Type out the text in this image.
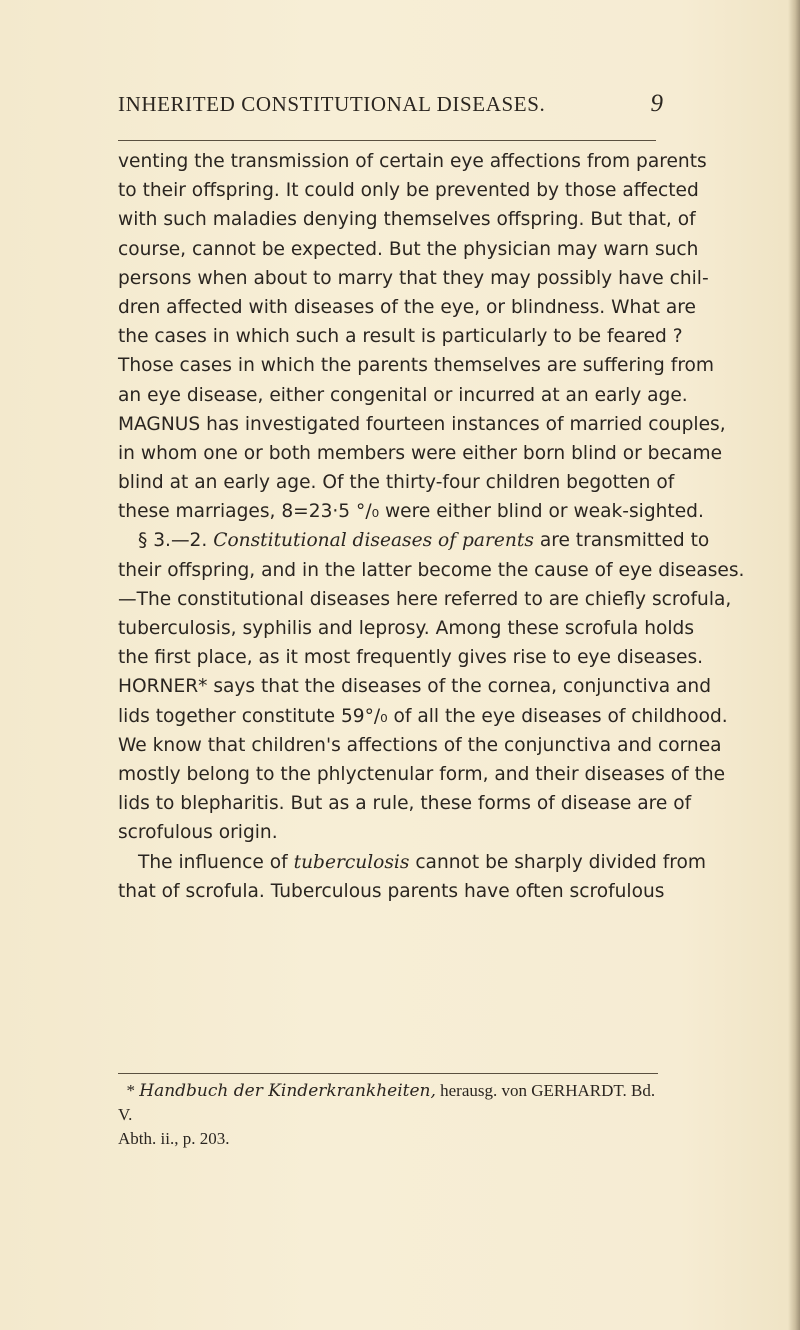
INHERITED CONSTITUTIONAL DISEASES.	9
venting the transmission of certain eye affections from parents
to their offspring. It could only be prevented by those affected
with such maladies denying themselves offspring. But that, of
course, cannot be expected. But the physician may warn such
persons when about to marry that they may possibly have chil-
dren affected with diseases of the eye, or blindness. What are
the cases in which such a result is particularly to be feared ?
Those cases in which the parents themselves are suffering from
an eye disease, either congenital or incurred at an early age.
MAGNUS has investigated fourteen instances of married couples,
in whom one or both members were either born blind or became
blind at an early age. Of the thirty-four children begotten of
these marriages, 8=23·5 °/₀ were either blind or weak-sighted.
§ 3.—2. Constitutional diseases of parents are transmitted to
their offspring, and in the latter become the cause of eye diseases.
—The constitutional diseases here referred to are chiefly scrofula,
tuberculosis, syphilis and leprosy. Among these scrofula holds
the first place, as it most frequently gives rise to eye diseases.
HORNER* says that the diseases of the cornea, conjunctiva and
lids together constitute 59°/₀ of all the eye diseases of childhood.
We know that children's affections of the conjunctiva and cornea
mostly belong to the phlyctenular form, and their diseases of the
lids to blepharitis. But as a rule, these forms of disease are of
scrofulous origin.
The influence of tuberculosis cannot be sharply divided from
that of scrofula. Tuberculous parents have often scrofulous
* Handbuch der Kinderkrankheiten, herausg. von GERHARDT. Bd. V.
Abth. ii., p. 203.
